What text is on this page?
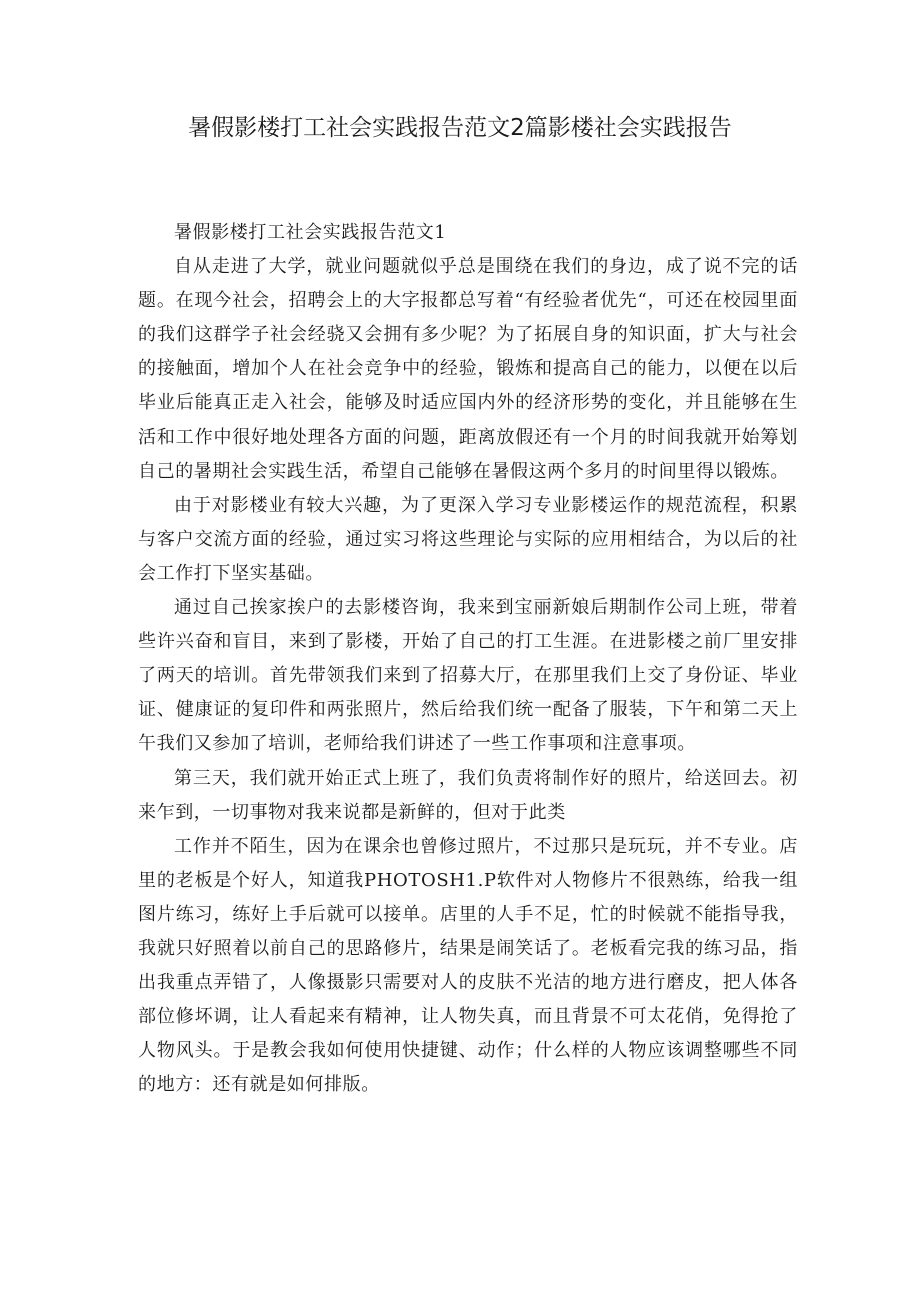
暑假影楼打工社会实践报告范文2篇影楼社会实践报告

暑假影楼打工社会实践报告范文1

自从走进了大学，就业问题就似乎总是围绕在我们的身边，成了说不完的话题。在现今社会，招聘会上的大字报都总写着“有经验者优先“，可还在校园里面的我们这群学子社会经骁又会拥有多少呢？为了拓展自身的知识面，扩大与社会的接触面，增加个人在社会竞争中的经验，锻炼和提高自己的能力，以便在以后毕业后能真正走入社会，能够及时适应国内外的经济形势的变化，并且能够在生活和工作中很好地处理各方面的问题，距离放假还有一个月的时间我就开始筹划自己的暑期社会实践生活，希望自己能够在暑假这两个多月的时间里得以锻炼。

由于对影楼业有较大兴趣，为了更深入学习专业影楼运作的规范流程，积累与客户交流方面的经验，通过实习将这些理论与实际的应用相结合，为以后的社会工作打下坚实基础。

通过自己挨家挨户的去影楼咨询，我来到宝丽新娘后期制作公司上班，带着些许兴奋和盲目，来到了影楼，开始了自己的打工生涯。在进影楼之前厂里安排了两天的培训。首先带领我们来到了招募大厅，在那里我们上交了身份证、毕业证、健康证的复印件和两张照片，然后给我们统一配备了服装，下午和第二天上午我们又参加了培训，老师给我们讲述了一些工作事项和注意事项。

第三天，我们就开始正式上班了，我们负责将制作好的照片，给送回去。初来乍到，一切事物对我来说都是新鲜的，但对于此类

工作并不陌生，因为在课余也曾修过照片，不过那只是玩玩，并不专业。店里的老板是个好人，知道我PHOTOSH1.P软件对人物修片不很熟练，给我一组图片练习，练好上手后就可以接单。店里的人手不足，忙的时候就不能指导我，我就只好照着以前自己的思路修片，结果是闹笑话了。老板看完我的练习品，指出我重点弄错了，人像摄影只需要对人的皮肤不光洁的地方进行磨皮，把人体各部位修坏调，让人看起来有精神，让人物失真，而且背景不可太花俏，免得抢了人物风头。于是教会我如何使用快捷键、动作；什么样的人物应该调整哪些不同的地方：还有就是如何排版。
